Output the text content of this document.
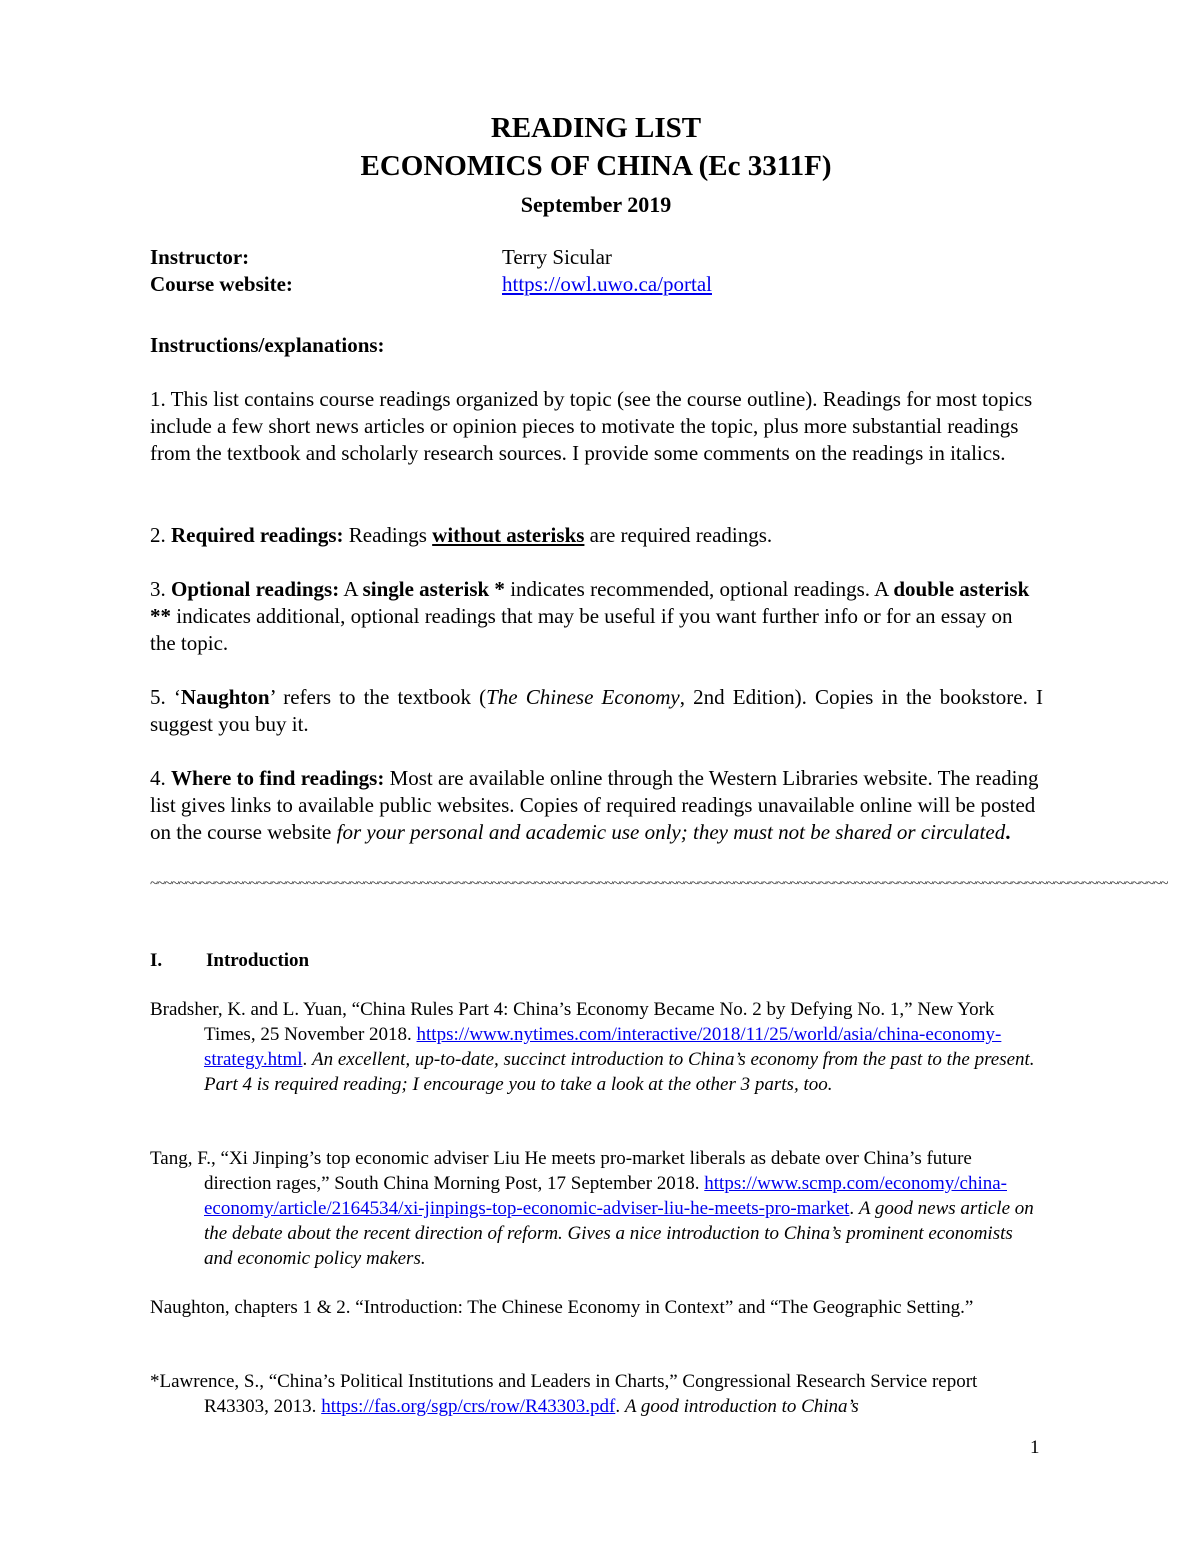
READING LIST
ECONOMICS OF CHINA (Ec 3311F)
September 2019
Instructor:	Terry Sicular
Course website:	https://owl.uwo.ca/portal
Instructions/explanations:
1. This list contains course readings organized by topic (see the course outline). Readings for most topics include a few short news articles or opinion pieces to motivate the topic, plus more substantial readings from the textbook and scholarly research sources. I provide some comments on the readings in italics.
2. Required readings: Readings without asterisks are required readings.
3. Optional readings: A single asterisk * indicates recommended, optional readings. A double asterisk ** indicates additional, optional readings that may be useful if you want further info or for an essay on the topic.
5. ‘Naughton’ refers to the textbook (The Chinese Economy, 2nd Edition). Copies in the bookstore. I suggest you buy it.
4. Where to find readings: Most are available online through the Western Libraries website. The reading list gives links to available public websites. Copies of required readings unavailable online will be posted on the course website for your personal and academic use only; they must not be shared or circulated.
~~~~~~~~~~~~~~~~~~~~~~~~~~~~~~~~~~~~~~~~~~~~~~~~~~~~~~~~~~~~~~~~~~~~~~~~~~~~~~~~~~~~~~~~~~~~~~~~~~~~~~~~~~~~~~~~~~~~~~~~~~~~~~~~~~~~~~~~~~~~~~~
I. Introduction
Bradsher, K. and L. Yuan, “China Rules Part 4: China’s Economy Became No. 2 by Defying No. 1,” New York Times, 25 November 2018. https://www.nytimes.com/interactive/2018/11/25/world/asia/china-economy-strategy.html. An excellent, up-to-date, succinct introduction to China’s economy from the past to the present. Part 4 is required reading; I encourage you to take a look at the other 3 parts, too.
Tang, F., “Xi Jinping’s top economic adviser Liu He meets pro-market liberals as debate over China’s future direction rages,” South China Morning Post, 17 September 2018. https://www.scmp.com/economy/china-economy/article/2164534/xi-jinpings-top-economic-adviser-liu-he-meets-pro-market. A good news article on the debate about the recent direction of reform. Gives a nice introduction to China’s prominent economists and economic policy makers.
Naughton, chapters 1 & 2. “Introduction: The Chinese Economy in Context” and “The Geographic Setting.”
*Lawrence, S., “China’s Political Institutions and Leaders in Charts,” Congressional Research Service report R43303, 2013. https://fas.org/sgp/crs/row/R43303.pdf. A good introduction to China’s
1
